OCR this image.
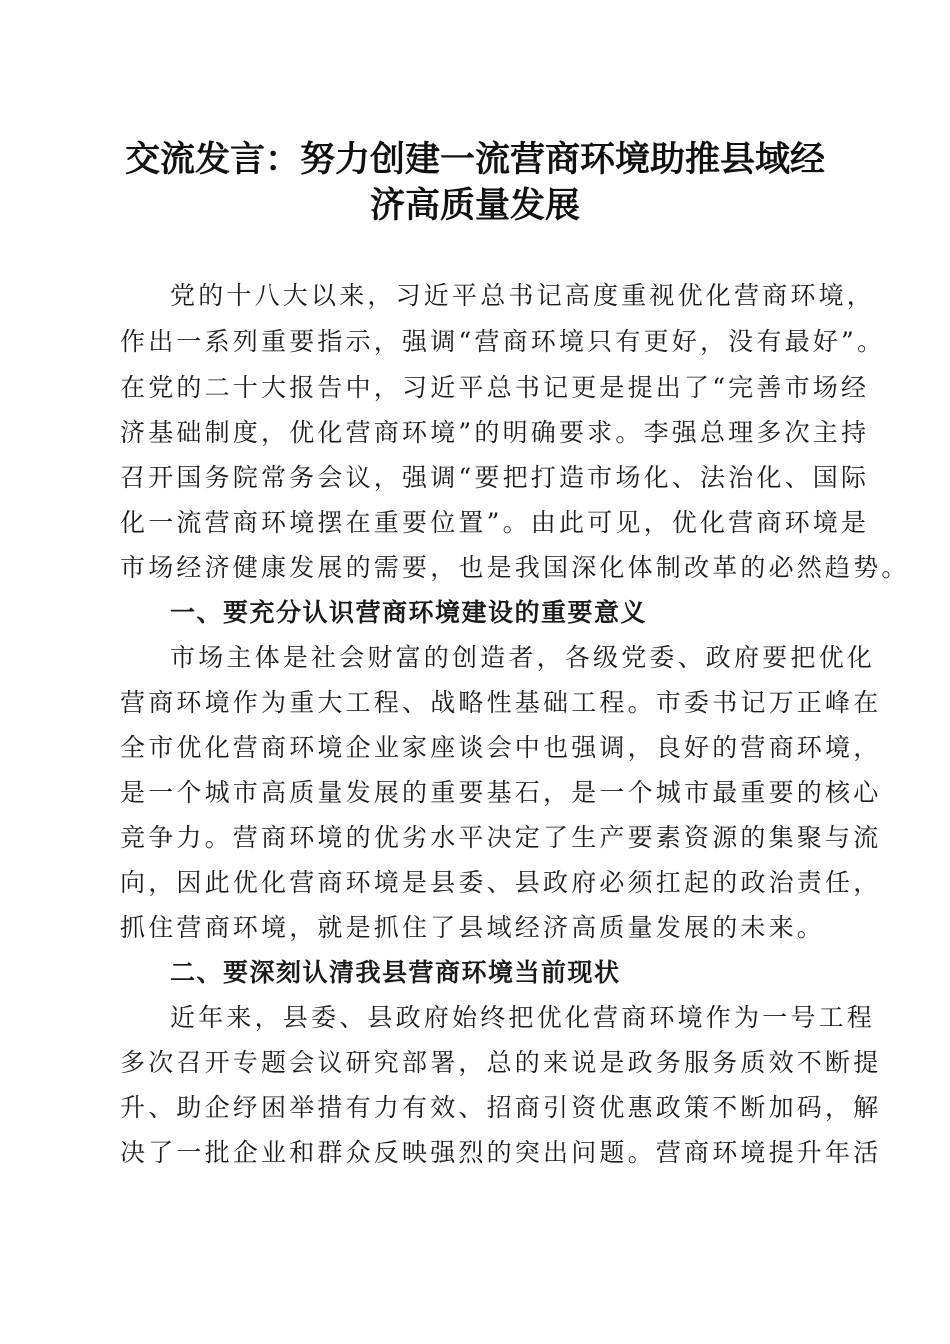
交流发言：努力创建一流营商环境助推县域经
济高质量发展
党的十八大以来，习近平总书记高度重视优化营商环境，
作出一系列重要指示，强调“营商环境只有更好，没有最好”。
在党的二十大报告中，习近平总书记更是提出了“完善市场经
济基础制度，优化营商环境”的明确要求。李强总理多次主持
召开国务院常务会议，强调“要把打造市场化、法治化、国际
化一流营商环境摆在重要位置”。由此可见，优化营商环境是
市场经济健康发展的需要，也是我国深化体制改革的必然趋势。
一、要充分认识营商环境建设的重要意义
市场主体是社会财富的创造者，各级党委、政府要把优化
营商环境作为重大工程、战略性基础工程。市委书记万正峰在
全市优化营商环境企业家座谈会中也强调，良好的营商环境，
是一个城市高质量发展的重要基石，是一个城市最重要的核心
竞争力。营商环境的优劣水平决定了生产要素资源的集聚与流
向，因此优化营商环境是县委、县政府必须扛起的政治责任，
抓住营商环境，就是抓住了县域经济高质量发展的未来。
二、要深刻认清我县营商环境当前现状
近年来，县委、县政府始终把优化营商环境作为一号工程
多次召开专题会议研究部署，总的来说是政务服务质效不断提
升、助企纾困举措有力有效、招商引资优惠政策不断加码，解
决了一批企业和群众反映强烈的突出问题。营商环境提升年活
